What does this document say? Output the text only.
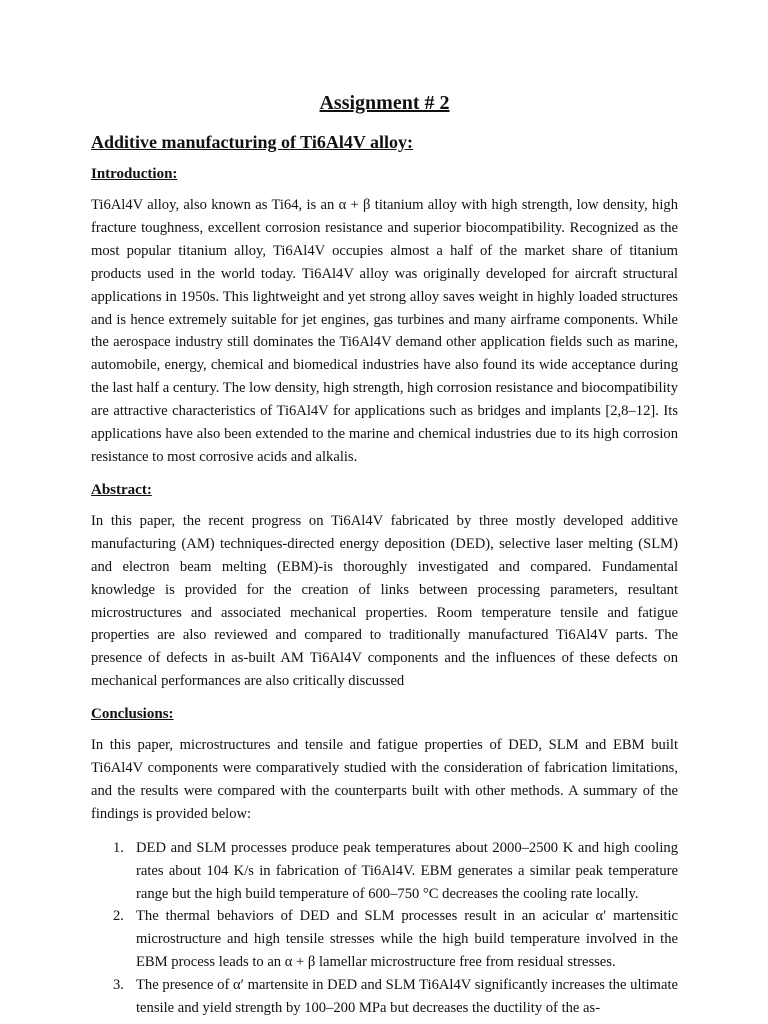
Assignment # 2
Additive manufacturing of Ti6Al4V alloy:
Introduction:

Ti6Al4V alloy, also known as Ti64, is an α + β titanium alloy with high strength, low density, high fracture toughness, excellent corrosion resistance and superior biocompatibility. Recognized as the most popular titanium alloy, Ti6Al4V occupies almost a half of the market share of titanium products used in the world today. Ti6Al4V alloy was originally developed for aircraft structural applications in 1950s. This lightweight and yet strong alloy saves weight in highly loaded structures and is hence extremely suitable for jet engines, gas turbines and many airframe components. While the aerospace industry still dominates the Ti6Al4V demand other application fields such as marine, automobile, energy, chemical and biomedical industries have also found its wide acceptance during the last half a century. The low density, high strength, high corrosion resistance and biocompatibility are attractive characteristics of Ti6Al4V for applications such as bridges and implants [2,8–12]. Its applications have also been extended to the marine and chemical industries due to its high corrosion resistance to most corrosive acids and alkalis.

Abstract:

In this paper, the recent progress on Ti6Al4V fabricated by three mostly developed additive manufacturing (AM) techniques-directed energy deposition (DED), selective laser melting (SLM) and electron beam melting (EBM)-is thoroughly investigated and compared. Fundamental knowledge is provided for the creation of links between processing parameters, resultant microstructures and associated mechanical properties. Room temperature tensile and fatigue properties are also reviewed and compared to traditionally manufactured Ti6Al4V parts. The presence of defects in as-built AM Ti6Al4V components and the influences of these defects on mechanical performances are also critically discussed

Conclusions:

In this paper, microstructures and tensile and fatigue properties of DED, SLM and EBM built Ti6Al4V components were comparatively studied with the consideration of fabrication limitations, and the results were compared with the counterparts built with other methods. A summary of the findings is provided below:

1. DED and SLM processes produce peak temperatures about 2000–2500 K and high cooling rates about 104 K/s in fabrication of Ti6Al4V. EBM generates a similar peak temperature range but the high build temperature of 600–750 °C decreases the cooling rate locally.
2. The thermal behaviors of DED and SLM processes result in an acicular α′ martensitic microstructure and high tensile stresses while the high build temperature involved in the EBM process leads to an α + β lamellar microstructure free from residual stresses.
3. The presence of α′ martensite in DED and SLM Ti6Al4V significantly increases the ultimate tensile and yield strength by 100–200 MPa but decreases the ductility of the as-
